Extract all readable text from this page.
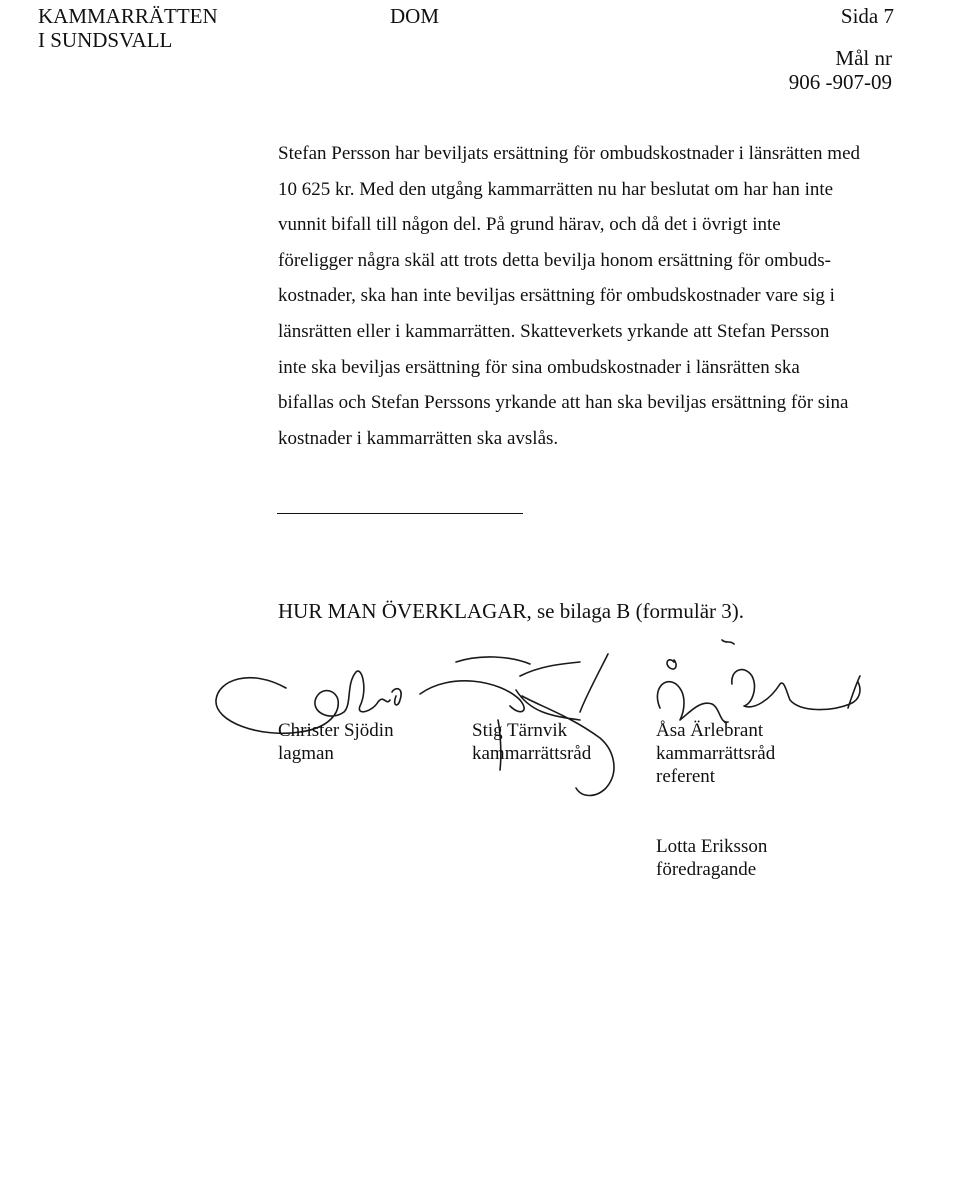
KAMMARRÄTTEN
I SUNDSVALL
DOM	Sida 7
Mål nr
906 -907-09
Stefan Persson har beviljats ersättning för ombudskostnader i länsrätten med
10 625 kr. Med den utgång kammarrätten nu har beslutat om har han inte
vunnit bifall till någon del. På grund härav, och då det i övrigt inte
föreligger några skäl att trots detta bevilja honom ersättning för ombuds-
kostnader, ska han inte beviljas ersättning för ombudskostnader vare sig i
länsrätten eller i kammarrätten. Skatteverkets yrkande att Stefan Persson
inte ska beviljas ersättning för sina ombudskostnader i länsrätten ska
bifallas och Stefan Perssons yrkande att han ska beviljas ersättning för sina
kostnader i kammarrätten ska avslås.
HUR MAN ÖVERKLAGAR, se bilaga B (formulär 3).
Christer Sjödin
lagman
Stig Tärnvik
kammarrättsråd
Åsa Ärlebrant
kammarrättsråd
referent
Lotta Eriksson
föredragande
